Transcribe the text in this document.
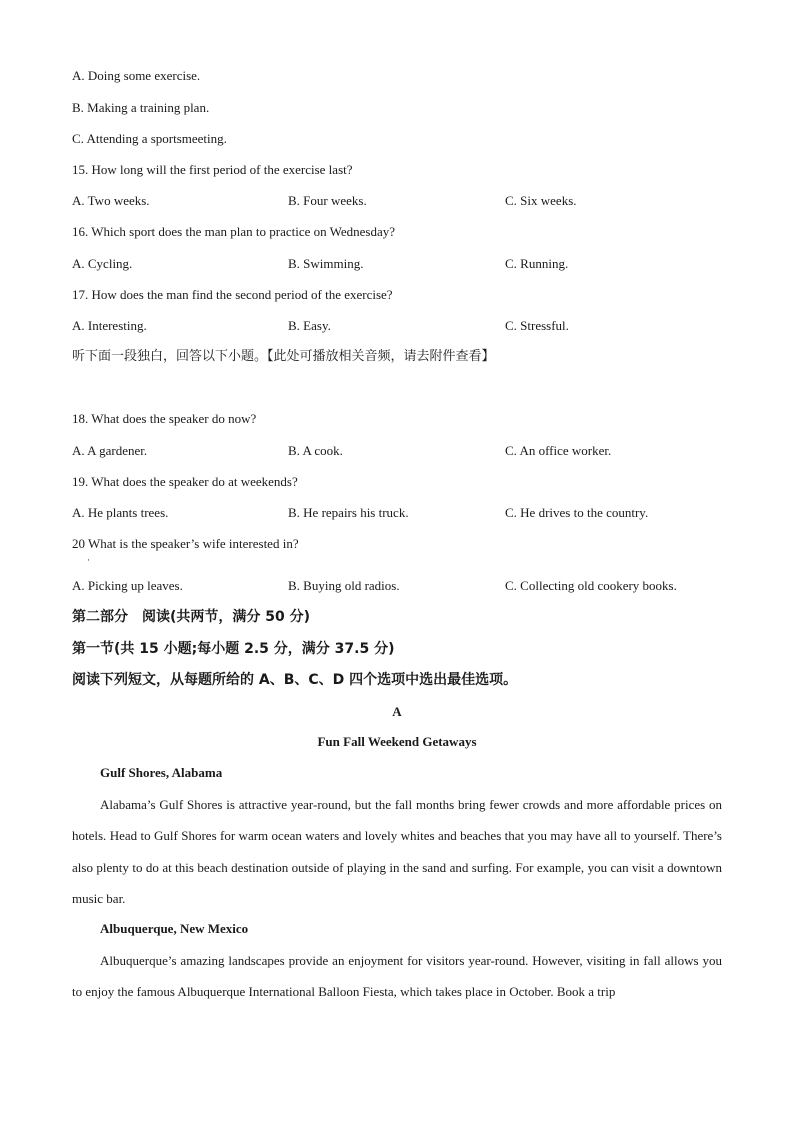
A. Doing some exercise.
B. Making a training plan.
C. Attending a sportsmeeting.
15. How long will the first period of the exercise last?
A. Two weeks.	B. Four weeks.	C. Six weeks.
16. Which sport does the man plan to practice on Wednesday?
A. Cycling.	B. Swimming.	C. Running.
17. How does the man find the second period of the exercise?
A. Interesting.	B. Easy.	C. Stressful.
听下面一段独白，回答以下小题。【此处可播放相关音频，请去附件查看】
18. What does the speaker do now?
A. A gardener.	B. A cook.	C. An office worker.
19. What does the speaker do at weekends?
A. He plants trees.	B. He repairs his truck.	C. He drives to the country.
20 What is the speaker’s wife interested in?
·
A. Picking up leaves.	B. Buying old radios.	C. Collecting old cookery books.
第二部分　阅读(共两节，满分 50 分)
第一节(共 15 小题;每小题 2.5 分，满分 37.5 分)
阅读下列短文，从每题所给的 A、B、C、D 四个选项中选出最佳选项。
A
Fun Fall Weekend Getaways
Gulf Shores, Alabama
Alabama’s Gulf Shores is attractive year-round, but the fall months bring fewer crowds and more affordable prices on hotels. Head to Gulf Shores for warm ocean waters and lovely whites and beaches that you may have all to yourself. There’s also plenty to do at this beach destination outside of playing in the sand and surfing. For example, you can visit a downtown music bar.
Albuquerque, New Mexico
Albuquerque’s amazing landscapes provide an enjoyment for visitors year-round. However, visiting in fall allows you to enjoy the famous Albuquerque International Balloon Fiesta, which takes place in October. Book a trip
